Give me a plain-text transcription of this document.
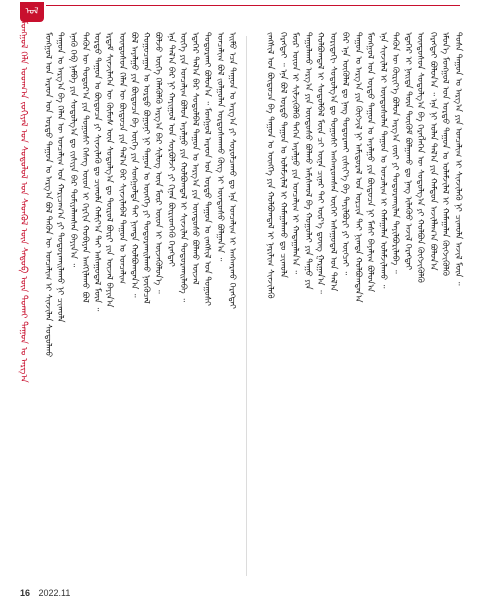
ᠤᠯ
ᠮᠣᠩᠭᠣᠯ ᠬᠡᠯᠡ ᠤᠳᠬ᠎ᠠ ᠵᠣᠬᠢᠶᠠᠯ ᠤᠨ ᠰᠤᠳᠤᠯᠤᠯ ᠤᠨ ᠰᠡᠳᠬᠦᠯ ᠦᠨ ᠰᠡᠳᠦᠪ ᠦᠨ ᠲᠤᠬᠠᠢ ᠳᠠᠭᠤᠨ ᠤ ᠠᠷᠭ᠎ᠠ	ᠮᠣᠩᠭᠣᠯ ᠤᠨ ᠠᠷᠠᠳ ᠤᠨ ᠤᠷᠲᠤ ᠳᠠᠭᠤᠨ ᠤ ᠠᠷᠭ᠎ᠠ ᠪᠣᠯ ᠲᠡᠭᠦᠨ ᠦ ᠣᠨᠴᠠᠯᠢᠭ ᠢ ᠰᠢᠨᠵᠢᠯᠡᠨ ᠰᠤᠳᠤᠯᠬᠤ ᠳᠠᠭᠤᠨ ᠤ ᠠᠷᠭ᠎ᠠ ᠪᠠ ᠬᠡᠯᠡᠨ ᠦ ᠣᠨᠴᠠᠯᠢᠭ ᠤᠨ ᠬᠠᠷᠢᠴᠠᠭ᠎ᠠ ᠶᠢ ᠲᠣᠳᠤᠷᠬᠠᠢᠯᠠᠬᠤ ᠨᠢ ᠴᠢᠬᠤᠯᠠ ᠡᠨᠡᠬᠦ ᠬᠡᠪ ᠨᠠᠮᠪᠠ ᠶᠢᠨ ᠰᠤᠳᠤᠯᠭ᠎ᠠ ᠳᠤ ᠵᠢᠱᠢᠶᠡ ᠪᠠᠷ ᠲᠣᠮᠢᠶᠠᠯᠠᠭᠰᠠᠨ ᠪᠠᠶᠢᠨ᠎ᠠ ᠃ ᠲᠡᠭᠦᠨ ᠦ ᠳᠣᠲᠣᠷ᠎ᠠ ᠶᠢᠨ ᠲᠤᠭᠤᠰᠢ ᠬᠡᠰᠡᠭ ᠦᠳ ᠢ ᠬᠡᠷᠬᠢᠨ ᠬᠤᠪᠢᠶᠠᠨ ᠠᠩᠭᠢᠯᠠᠬᠤ ᠪᠣᠯ ᠤᠷᠲᠤ ᠳᠠᠭᠤᠨ ᠤ ᠪᠦᠲᠦᠴᠡ ᠶᠢ ᠰᠢᠨᠵᠢᠯᠡᠬᠦ ᠳᠤ ᠴᠢᠬᠤᠯᠠ ᠬᠠᠮᠢᠶ᠎ᠠ ᠲᠠᠶ ᠠᠰᠠᠭᠤᠳᠠᠯ ᠮᠥᠨ ᠃ ᠡᠷᠳᠡᠮ ᠰᠢᠨᠵᠢᠯᠡᠭᠡᠨ ᠦ ᠬᠦᠮᠦᠰ ᠦᠨ ᠰᠤᠳᠤᠯᠭ᠎ᠠ ᠳᠤ ᠲᠥᠷᠦᠯ ᠪᠦᠷᠢ ᠶᠢᠨ ᠦᠵᠡᠯ ᠪᠠᠶᠢᠨ᠎ᠠ ᠦᠨᠳᠦᠰᠦᠨ ᠬᠡᠯᠡᠨ ᠦ ᠪᠦᠲᠦᠴᠡ ᠶᠢᠨ ᠲᠠᠯ᠎ᠠ ᠪᠠᠷ ᠰᠢᠨᠵᠢᠯᠡᠪᠡᠯ ᠳᠠᠭᠤᠨ ᠤ ᠣᠨᠴᠠᠯᠢᠭ ᠪᠣᠯ ᠠᠶᠠᠯᠭᠤ ᠶᠢᠨ ᠪᠦᠲᠦᠴᠡ ᠪᠠ ᠦᠭᠡ ᠶᠢᠨ ᠰᠣᠩᠭᠣᠯᠲᠠ ᠲᠠᠶ ᠨᠢᠭᠲᠠ ᠬᠣᠯᠪᠣᠭᠳᠠᠨ᠎ᠠ ᠃ ᠬᠤᠭᠤᠴᠠᠭᠠᠨ ᠤ ᠤᠷᠲᠤ ᠪᠣᠭᠣᠨᠢ ᠨᠢ ᠳᠠᠭᠤᠨ ᠤ ᠥᠩᠭᠡ ᠶᠢ ᠲᠣᠳᠤᠷᠬᠠᠢᠯᠠᠬᠤ ᠨᠥᠬᠦᠴᠡᠯ ᠪᠣᠯᠵᠤ ᠦᠭᠡ ᠬᠡᠯᠡᠭᠦᠯᠬᠦ ᠠᠷᠭ᠎ᠠ ᠪᠠᠷ ᠰᠢᠯᠦᠭ ᠦᠨ ᠮᠥᠷ ᠦᠳ ᠢ ᠦᠵᠡᠭᠦᠯᠦᠨ᠎ᠡ ᠃ ᠡᠨᠡ ᠲᠠᠯ᠎ᠠ ᠪᠠᠷ ᠨᠢ ᠬᠠᠶᠢᠭᠤᠯ ᠤᠨ ᠰᠤᠷᠪᠤᠯᠵᠢ ᠶᠢ ᠬᠢᠨᠠᠨ ᠪᠦᠷᠢᠳᠭᠡᠬᠦ ᠬᠡᠷᠡᠭᠲᠡᠶ ᠦᠭᠡ ᠶᠢᠨ ᠣᠨᠴᠠᠯᠢᠭ ᠪᠣᠯᠤᠨ ᠠᠶᠠᠯᠭᠤ ᠶᠢᠨ ᠬᠣᠯᠪᠣᠭᠳᠠᠯ ᠢ ᠰᠢᠨᠵᠢᠯᠡᠨ ᠲᠣᠳᠤᠷᠬᠠᠢᠯᠠᠪᠠ ᠃ ᠡᠳᠡᠭᠡᠷ ᠲᠠᠯ᠎ᠠ ᠪᠠᠷ ᠰᠤᠳᠤᠯᠪᠠᠯ ᠳᠠᠭᠤᠨ ᠤ ᠠᠷᠭ᠎ᠠ ᠶᠢᠨ ᠦᠨᠳᠦᠰᠦ ᠪᠣᠯᠬᠤ ᠦᠵᠡᠯ ᠲᠣᠳᠤᠷᠬᠠᠢ ᠪᠣᠯᠤᠨ᠎ᠠ ᠃ ᠮᠣᠩᠭᠣᠯ ᠠᠷᠠᠳ ᠤᠨ ᠤᠷᠲᠤ ᠳᠠᠭᠤᠨ ᠤ ᠵᠠᠩᠰᠢᠯ ᠤᠨ ᠲᠤᠭᠤᠰᠢ ᠣᠨᠴᠠᠯᠢᠭ ᠪᠣᠯ ᠵᠤᠯᠭᠤᠯᠠᠨ ᠤᠷᠲᠤᠰᠬᠠᠬᠤ ᠬᠦᠭ ᠢ ᠦᠨᠳᠦᠰᠦ ᠪᠣᠯᠭᠠᠨ᠎ᠠ ᠃ ᠡᠢᠮᠦ ᠡᠴᠡ ᠳᠠᠭᠤᠨ ᠤ ᠠᠷᠭ᠎ᠠ ᠶᠢ ᠰᠤᠷᠤᠯᠴᠠᠬᠤ ᠳᠤ ᠡᠨᠡ ᠣᠨᠴᠠᠯᠢᠭ ᠢ ᠠᠩᠬᠠᠷᠬᠤ ᠬᠡᠷᠡᠭᠲᠡᠶ	ᠵᠠᠩᠰᠢᠯ ᠤᠨ ᠪᠦᠲᠦᠴᠡ ᠪᠠ ᠳᠠᠭᠤᠨ ᠤ ᠥᠩᠭᠡ ᠶᠢᠨ ᠬᠣᠯᠪᠣᠭᠳᠠᠯ ᠢ ᠨᠠᠷᠢᠯᠢᠭ ᠰᠢᠨᠵᠢᠯᠡᠬᠦ ᠬᠡᠷᠡᠭᠲᠡᠶ ᠃ ᠡᠨᠡ ᠪᠣᠯ ᠤᠷᠲᠤ ᠳᠠᠭᠤᠨ ᠤ ᠤᠯᠠᠮᠵᠢᠯᠠᠯ ᠢ ᠬᠠᠮᠠᠭᠠᠯᠠᠬᠤ ᠳᠤ ᠴᠢᠬᠤᠯᠠ ᠮᠥᠷ ᠦᠳ ᠢ ᠰᠢᠯᠵᠢᠭᠦᠯᠬᠦ ᠳᠡᠭᠡᠨ ᠠᠶᠠᠯᠭᠤ ᠶᠢᠨ ᠣᠨᠴᠠᠯᠢᠭ ᠢ ᠬᠠᠳᠠᠭᠠᠯᠠᠨ᠎ᠠ ᠃ ᠳᠠᠭᠤᠯᠠᠬᠤ ᠠᠷᠭ᠎ᠠ ᠶᠢᠨ ᠦᠨᠳᠦᠰᠦ ᠪᠣᠯᠬᠤ ᠠᠮᠢᠰᠬᠤᠯ ᠪᠠ ᠬᠣᠭᠣᠯᠠᠢ ᠶᠢᠨ ᠳᠠᠭᠤ ᠶᠢᠨ ᠬᠣᠯᠪᠣᠭᠳᠠᠯ ᠢ ᠰᠤᠳᠤᠯᠪᠠᠯ ᠮᠥᠨ ᠴᠢ ᠦᠨᠡ ᠴᠢᠨᠠᠷ ᠲᠠᠶ ᠦᠷ᠎ᠡ ᠳ᠋ᠦᠩ ᠭᠠᠷᠭᠠᠨ᠎ᠠ ᠃ ᠤᠷᠢᠳᠠᠬᠢ ᠰᠤᠳᠤᠯᠭ᠎ᠠ ᠳᠤ ᠲᠤᠭᠤᠰᠢ ᠠᠩᠬᠠᠷᠤᠭᠰᠠᠨ ᠦᠭᠡᠢ ᠠᠰᠠᠭᠤᠳᠠᠯ ᠤᠨ ᠲᠠᠯ᠎ᠠ ᠪᠠᠷ ᠡᠨᠡ ᠥᠭᠦᠯᠡᠯ ᠳᠤ ᠨᠡᠩ ᠲᠣᠳᠤᠷᠬᠠᠢ ᠵᠢᠱᠢᠶ᠎ᠡ ᠪᠠ ᠲᠠᠶᠢᠯᠪᠤᠷᠢ ᠶᠢ ᠥᠭᠴᠡᠢ ᠃ ᠳᠠᠭᠤᠨ ᠤ ᠠᠷᠭ᠎ᠠ ᠶᠢᠨ ᠬᠥᠭᠵᠢᠯ ᠨᠢ ᠠᠮᠢᠳᠤᠷᠠᠯ ᠤᠨ ᠣᠷᠴᠢᠨ ᠲᠠᠶ ᠨᠢᠭᠲᠠ ᠬᠣᠯᠪᠣᠭᠳᠠᠨ᠎ᠠ ᠮᠣᠩᠭᠣᠯ ᠤᠨ ᠤᠷᠲᠤ ᠳᠠᠭᠤᠨ ᠤ ᠠᠶᠠᠯᠭᠤ ᠶᠢᠨ ᠪᠦᠲᠦᠴᠡ ᠨᠢ ᠮᠠᠰᠢ ᠪᠠᠶᠠᠯᠢᠭ ᠪᠣᠯᠤᠨ᠎ᠠ ᠡᠨᠡ ᠰᠢᠨᠵᠢᠯᠡᠯ ᠢ ᠦᠨᠳᠦᠰᠦᠯᠡᠨ ᠳᠠᠭᠤᠨ ᠤ ᠣᠨᠴᠠᠯᠢᠭ ᠢ ᠬᠠᠮᠠᠭᠠᠯᠠᠨ ᠤᠯᠠᠮᠵᠢᠯᠠᠬᠤ ᠃ ᠲᠡᠭᠦᠨ ᠦ ᠬᠦᠷᠢᠶ᠎ᠡ ᠪᠣᠯᠤᠨ ᠠᠷᠭ᠎ᠠ ᠵᠦᠢ ᠶᠢ ᠲᠣᠳᠤᠷᠬᠠᠢᠯᠠᠨ ᠲᠠᠶᠢᠯᠪᠤᠷᠢᠯᠠᠪᠠ ᠃ ᠡᠳᠡᠭᠡᠷ ᠢ ᠨᠡᠢᠲᠡ ᠳᠦᠨ ᠳᠦᠭᠦᠮ ᠪᠣᠯᠭᠠᠬᠤ ᠳᠤ ᠨᠡᠩ ᠢᠯᠡᠭᠦᠦ ᠠᠵᠢᠯ ᠬᠡᠷᠡᠭᠲᠡᠶ ᠦᠨᠳᠦᠰᠦᠨ ᠰᠤᠳᠤᠯᠭ᠎ᠠ ᠪᠠ ᠬᠡᠷᠡᠭᠯᠡᠭᠡᠨ ᠦ ᠰᠤᠳᠤᠯᠭ᠎ᠠ ᠶᠢ ᠬᠣᠯᠪᠣᠨ ᠬᠥᠭᠵᠢᠭᠦᠯᠬᠦ ᠬᠡᠷᠡᠭᠲᠡᠶ ᠪᠣᠯᠤᠨ᠎ᠠ ᠃ ᠡᠨᠡ ᠨᠢ ᠣᠯᠠᠨ ᠲᠠᠯ᠎ᠠ ᠶᠢᠨ ᠬᠠᠮᠳᠤᠨ ᠠᠵᠢᠯᠯᠠᠭ᠎ᠠ ᠪᠣᠯᠤᠨ᠎ᠠ ᠡᠮᠦᠨ᠎ᠡ ᠮᠣᠩᠭᠣᠯ ᠤᠨ ᠤᠷᠲᠤ ᠳᠠᠭᠤᠨ ᠤ ᠤᠯᠠᠮᠵᠢᠯᠠᠯ ᠢ ᠬᠠᠮᠠᠭᠠᠯᠠᠨ ᠬᠥᠭᠵᠢᠭᠦᠯᠬᠦ ᠲᠤᠰᠠ ᠳᠠᠭᠤᠨ ᠤ ᠠᠷᠭ᠎ᠠ ᠶᠢᠨ ᠣᠨᠴᠠᠯᠢᠭ ᠢ ᠰᠢᠨᠵᠢᠯᠡᠬᠦ ᠨᠢ ᠴᠢᠬᠤᠯᠠ ᠠᠵᠢᠯ ᠮᠥᠨ ᠃
16 2022.11
